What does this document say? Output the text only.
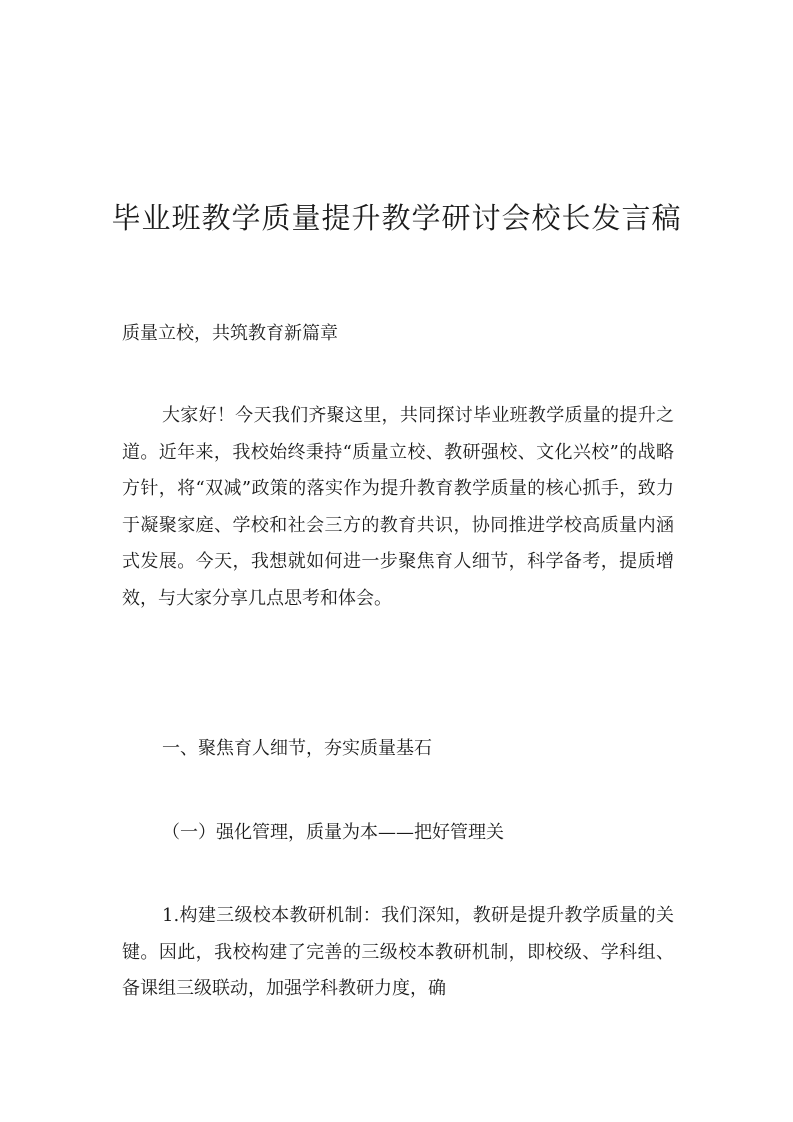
毕业班教学质量提升教学研讨会校长发言稿

质量立校，共筑教育新篇章

大家好！今天我们齐聚这里，共同探讨毕业班教学质量的提升之道。近年来，我校始终秉持“质量立校、教研强校、文化兴校”的战略方针，将“双减”政策的落实作为提升教育教学质量的核心抓手，致力于凝聚家庭、学校和社会三方的教育共识，协同推进学校高质量内涵式发展。今天，我想就如何进一步聚焦育人细节，科学备考，提质增效，与大家分享几点思考和体会。

一、聚焦育人细节，夯实质量基石

（一）强化管理，质量为本——把好管理关

1.构建三级校本教研机制：我们深知，教研是提升教学质量的关键。因此，我校构建了完善的三级校本教研机制，即校级、学科组、备课组三级联动，加强学科教研力度，确
